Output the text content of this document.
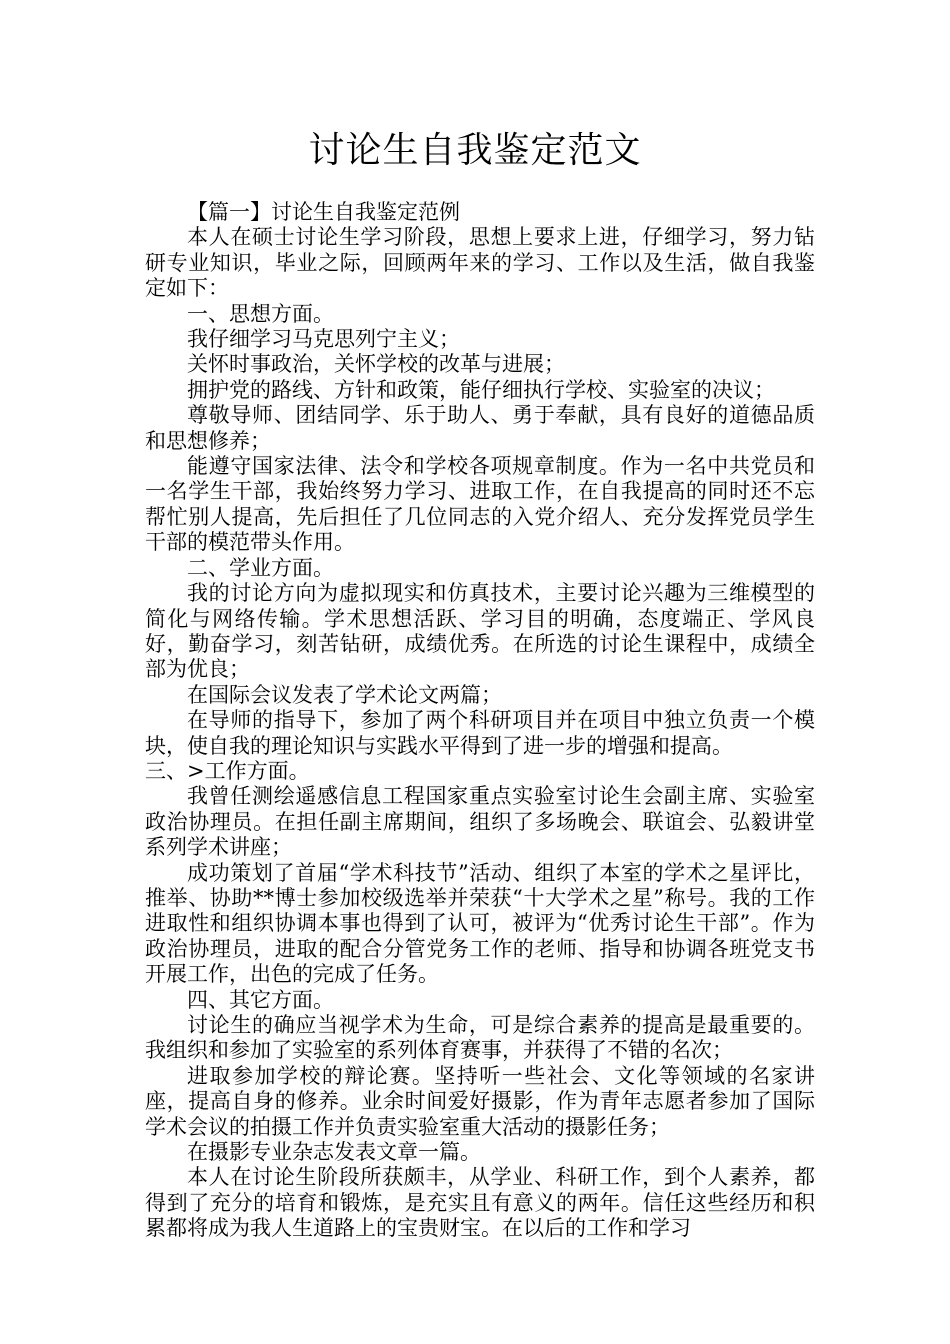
讨论生自我鉴定范文

【篇一】讨论生自我鉴定范例

本人在硕士讨论生学习阶段，思想上要求上进，仔细学习，努力钻研专业知识，毕业之际，回顾两年来的学习、工作以及生活，做自我鉴定如下：

一、思想方面。

我仔细学习马克思列宁主义；

关怀时事政治，关怀学校的改革与进展；

拥护党的路线、方针和政策，能仔细执行学校、实验室的决议；

尊敬导师、团结同学、乐于助人、勇于奉献，具有良好的道德品质和思想修养；

能遵守国家法律、法令和学校各项规章制度。作为一名中共党员和一名学生干部，我始终努力学习、进取工作，在自我提高的同时还不忘帮忙别人提高，先后担任了几位同志的入党介绍人、充分发挥党员学生干部的模范带头作用。

二、学业方面。

我的讨论方向为虚拟现实和仿真技术，主要讨论兴趣为三维模型的简化与网络传输。学术思想活跃、学习目的明确，态度端正、学风良好，勤奋学习，刻苦钻研，成绩优秀。在所选的讨论生课程中，成绩全部为优良；

在国际会议发表了学术论文两篇；

在导师的指导下，参加了两个科研项目并在项目中独立负责一个模块，使自我的理论知识与实践水平得到了进一步的增强和提高。

三、>工作方面。

我曾任测绘遥感信息工程国家重点实验室讨论生会副主席、实验室政治协理员。在担任副主席期间，组织了多场晚会、联谊会、弘毅讲堂系列学术讲座；

成功策划了首届“学术科技节”活动、组织了本室的学术之星评比，推举、协助**博士参加校级选举并荣获“十大学术之星”称号。我的工作进取性和组织协调本事也得到了认可，被评为“优秀讨论生干部”。作为政治协理员，进取的配合分管党务工作的老师、指导和协调各班党支书开展工作，出色的完成了任务。

四、其它方面。

讨论生的确应当视学术为生命，可是综合素养的提高是最重要的。我组织和参加了实验室的系列体育赛事，并获得了不错的名次；

进取参加学校的辩论赛。坚持听一些社会、文化等领域的名家讲座，提高自身的修养。业余时间爱好摄影，作为青年志愿者参加了国际学术会议的拍摄工作并负责实验室重大活动的摄影任务；

在摄影专业杂志发表文章一篇。

本人在讨论生阶段所获颇丰，从学业、科研工作，到个人素养，都得到了充分的培育和锻炼，是充实且有意义的两年。信任这些经历和积累都将成为我人生道路上的宝贵财宝。在以后的工作和学习
